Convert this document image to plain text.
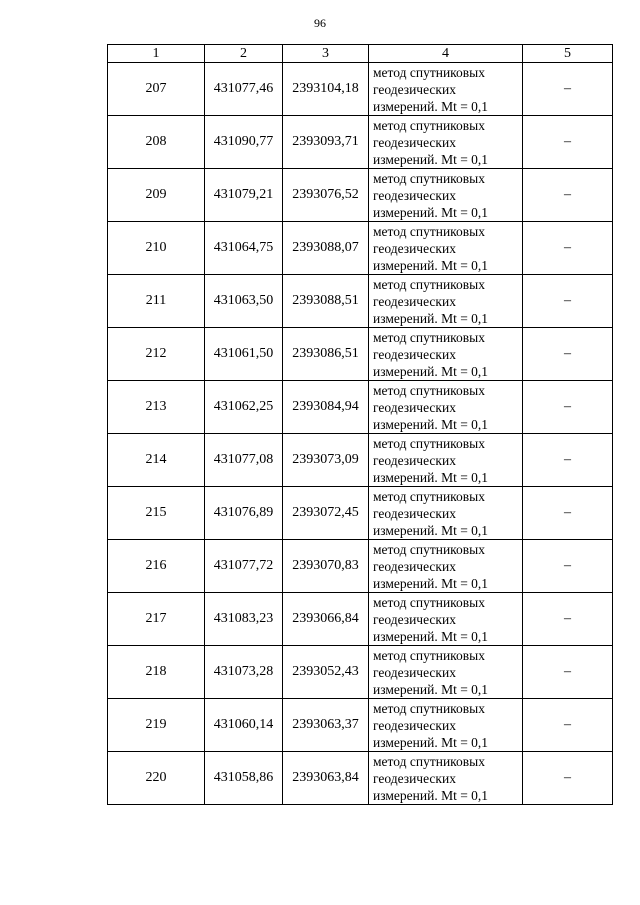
96
1	2	3	4	5
207	431077,46	2393104,18	метод спутниковых
геодезических
измерений. Mt = 0,1	–
208	431090,77	2393093,71	метод спутниковых
геодезических
измерений. Mt = 0,1	–
209	431079,21	2393076,52	метод спутниковых
геодезических
измерений. Mt = 0,1	–
210	431064,75	2393088,07	метод спутниковых
геодезических
измерений. Mt = 0,1	–
211	431063,50	2393088,51	метод спутниковых
геодезических
измерений. Mt = 0,1	–
212	431061,50	2393086,51	метод спутниковых
геодезических
измерений. Mt = 0,1	–
213	431062,25	2393084,94	метод спутниковых
геодезических
измерений. Mt = 0,1	–
214	431077,08	2393073,09	метод спутниковых
геодезических
измерений. Mt = 0,1	–
215	431076,89	2393072,45	метод спутниковых
геодезических
измерений. Mt = 0,1	–
216	431077,72	2393070,83	метод спутниковых
геодезических
измерений. Mt = 0,1	–
217	431083,23	2393066,84	метод спутниковых
геодезических
измерений. Mt = 0,1	–
218	431073,28	2393052,43	метод спутниковых
геодезических
измерений. Mt = 0,1	–
219	431060,14	2393063,37	метод спутниковых
геодезических
измерений. Mt = 0,1	–
220	431058,86	2393063,84	метод спутниковых
геодезических
измерений. Mt = 0,1	–
